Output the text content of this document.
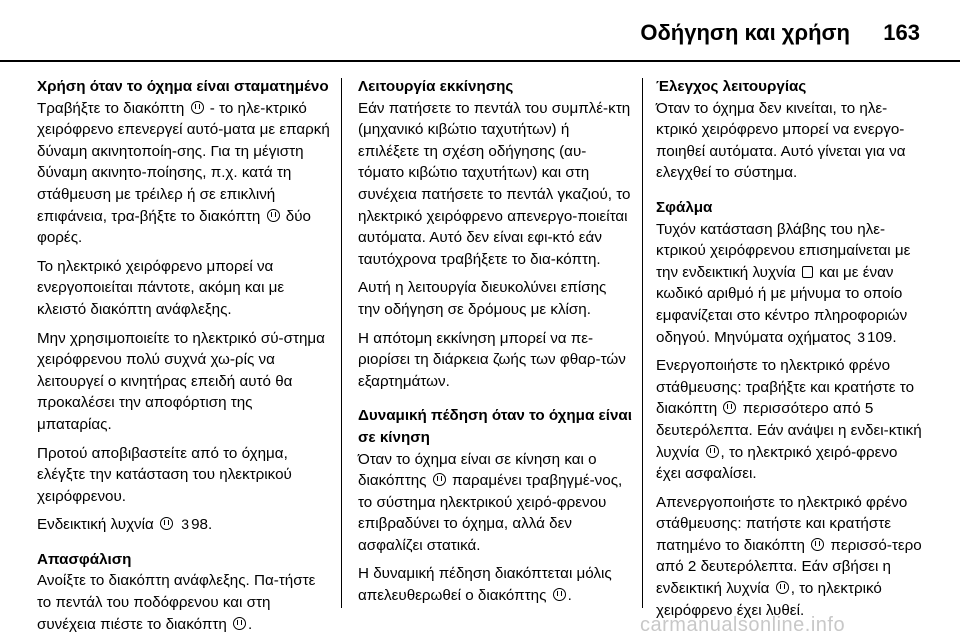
Οδήγηση και χρήση 163
Χρήση όταν το όχημα είναι σταματημένο

Τραβήξτε το διακόπτη - το ηλε-κτρικό χειρόφρενο επενεργεί αυτό-ματα με επαρκή δύναμη ακινητοποίη-σης. Για τη μέγιστη δύναμη ακινητο-ποίησης, π.χ. κατά τη στάθμευση με τρέιλερ ή σε επικλινή επιφάνεια, τρα-βήξτε το διακόπτη δύο φορές.

Το ηλεκτρικό χειρόφρενο μπορεί να ενεργοποιείται πάντοτε, ακόμη και με κλειστό διακόπτη ανάφλεξης.

Μην χρησιμοποιείτε το ηλεκτρικό σύ-στημα χειρόφρενου πολύ συχνά χω-ρίς να λειτουργεί ο κινητήρας επειδή αυτό θα προκαλέσει την αποφόρτιση της μπαταρίας.

Προτού αποβιβαστείτε από το όχημα, ελέγξτε την κατάσταση του ηλεκτρικού χειρόφρενου.

Ενδεικτική λυχνία 3 98.

Απασφάλιση

Ανοίξτε το διακόπτη ανάφλεξης. Πα-τήστε το πεντάλ του ποδόφρενου και στη συνέχεια πιέστε το διακόπτη .

Λειτουργία εκκίνησης

Εάν πατήσετε το πεντάλ του συμπλέ-κτη (μηχανικό κιβώτιο ταχυτήτων) ή επιλέξετε τη σχέση οδήγησης (αυ-τόματο κιβώτιο ταχυτήτων) και στη συνέχεια πατήσετε το πεντάλ γκαζιού, το ηλεκτρικό χειρόφρενο απενεργο-ποιείται αυτόματα. Αυτό δεν είναι εφι-κτό εάν ταυτόχρονα τραβήξετε το δια-κόπτη.

Αυτή η λειτουργία διευκολύνει επίσης την οδήγηση σε δρόμους με κλίση.

Η απότομη εκκίνηση μπορεί να πε-ριορίσει τη διάρκεια ζωής των φθαρ-τών εξαρτημάτων.

Δυναμική πέδηση όταν το όχημα είναι σε κίνηση

Όταν το όχημα είναι σε κίνηση και ο διακόπτης παραμένει τραβηγμέ-νος, το σύστημα ηλεκτρικού χειρό-φρενου επιβραδύνει το όχημα, αλλά δεν ασφαλίζει στατικά.

Η δυναμική πέδηση διακόπτεται μόλις απελευθερωθεί ο διακόπτης .

Έλεγχος λειτουργίας

Όταν το όχημα δεν κινείται, το ηλε-κτρικό χειρόφρενο μπορεί να ενεργο-ποιηθεί αυτόματα. Αυτό γίνεται για να ελεγχθεί το σύστημα.

Σφάλμα

Τυχόν κατάσταση βλάβης του ηλε-κτρικού χειρόφρενου επισημαίνεται με την ενδεικτική λυχνία και με έναν κωδικό αριθμό ή με μήνυμα το οποίο εμφανίζεται στο κέντρο πληροφοριών οδηγού. Μηνύματα οχήματος 3 109.

Ενεργοποιήστε το ηλεκτρικό φρένο στάθμευσης: τραβήξτε και κρατήστε το διακόπτη περισσότερο από 5 δευτερόλεπτα. Εάν ανάψει η ενδει-κτική λυχνία , το ηλεκτρικό χειρό-φρενο έχει ασφαλίσει.

Απενεργοποιήστε το ηλεκτρικό φρένο στάθμευσης: πατήστε και κρατήστε πατημένο το διακόπτη περισσό-τερο από 2 δευτερόλεπτα. Εάν σβήσει η ενδεικτική λυχνία , το ηλεκτρικό χειρόφρενο έχει λυθεί.

carmanualsonline.info
